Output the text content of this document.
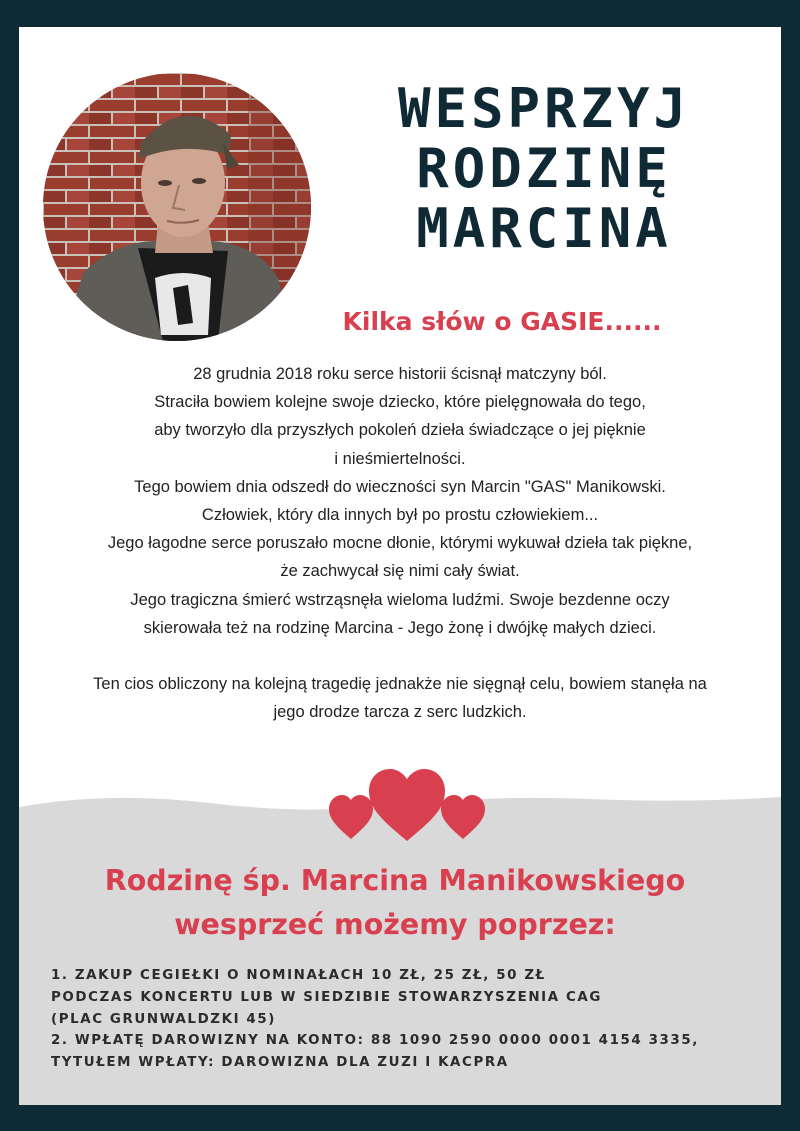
WESPRZYJ
RODZINĘ
MARCINA
Kilka słów o GASIE......
28 grudnia 2018 roku serce historii ścisnął matczyny ból.
Straciła bowiem kolejne swoje dziecko, które pielęgnowała do tego,
aby tworzyło dla przyszłych pokoleń dzieła świadczące o jej pięknie
i nieśmiertelności.
Tego bowiem dnia odszedł do wieczności syn Marcin "GAS" Manikowski.
Człowiek, który dla innych był po prostu człowiekiem...
Jego łagodne serce poruszało mocne dłonie, którymi wykuwał dzieła tak piękne,
że zachwycał się nimi cały świat.
Jego tragiczna śmierć wstrząsnęła wieloma ludźmi. Swoje bezdenne oczy
skierowała też na rodzinę Marcina - Jego żonę i dwójkę małych dzieci.
Ten cios obliczony na kolejną tragedię jednakże nie sięgnął celu, bowiem stanęła na
jego drodze tarcza z serc ludzkich.
Rodzinę śp. Marcina Manikowskiego
wesprzeć możemy poprzez:
1. ZAKUP CEGIEŁKI O NOMINAŁACH 10 ZŁ, 25 ZŁ, 50 ZŁ
PODCZAS KONCERTU LUB W SIEDZIBIE STOWARZYSZENIA CAG
(PLAC GRUNWALDZKI 45)
2. WPŁATĘ DAROWIZNY NA KONTO: 88 1090 2590 0000 0001 4154 3335,
TYTUŁEM WPŁATY: DAROWIZNA DLA ZUZI I KACPRA
